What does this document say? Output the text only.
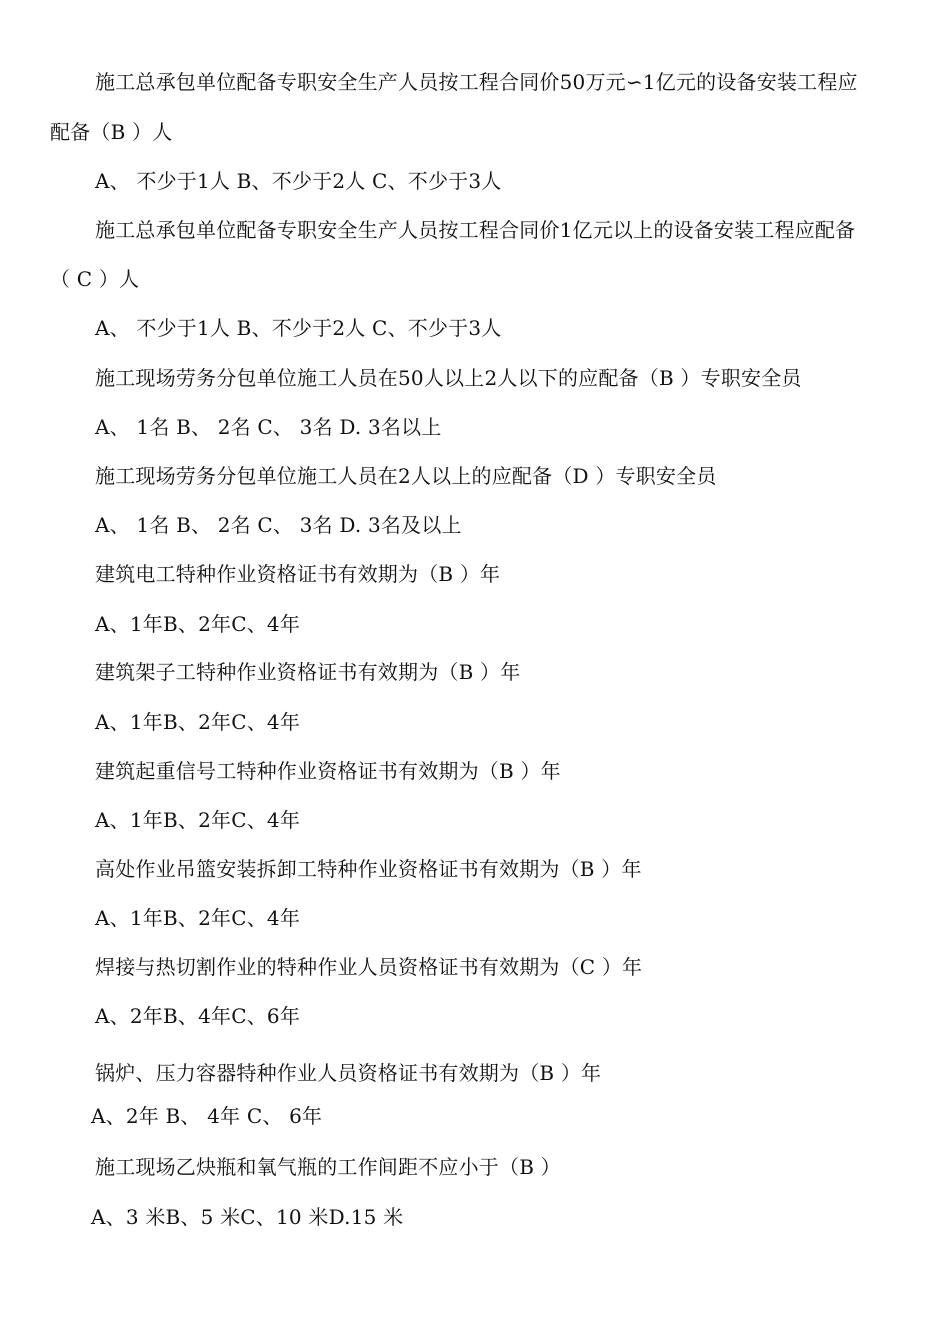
施工总承包单位配备专职安全生产人员按工程合同价50万元∽1亿元的设备安装工程应
配备（B ）人
A、 不少于1人 B、不少于2人 C、不少于3人
施工总承包单位配备专职安全生产人员按工程合同价1亿元以上的设备安装工程应配备
（ C ）人
A、 不少于1人 B、不少于2人 C、不少于3人
施工现场劳务分包单位施工人员在50人以上2人以下的应配备（B ）专职安全员
A、 1名 B、 2名 C、 3名 D. 3名以上
施工现场劳务分包单位施工人员在2人以上的应配备（D ）专职安全员
A、 1名 B、 2名 C、 3名 D. 3名及以上
建筑电工特种作业资格证书有效期为（B ）年
A、1年B、2年C、4年
建筑架子工特种作业资格证书有效期为（B ）年
A、1年B、2年C、4年
建筑起重信号工特种作业资格证书有效期为（B ）年
A、1年B、2年C、4年
高处作业吊篮安装拆卸工特种作业资格证书有效期为（B ）年
A、1年B、2年C、4年
焊接与热切割作业的特种作业人员资格证书有效期为（C ）年
A、2年B、4年C、6年
锅炉、压力容器特种作业人员资格证书有效期为（B ）年
A、2年 B、 4年 C、 6年
施工现场乙炔瓶和氧气瓶的工作间距不应小于（B ）
A、3 米B、5 米C、10 米D.15 米
